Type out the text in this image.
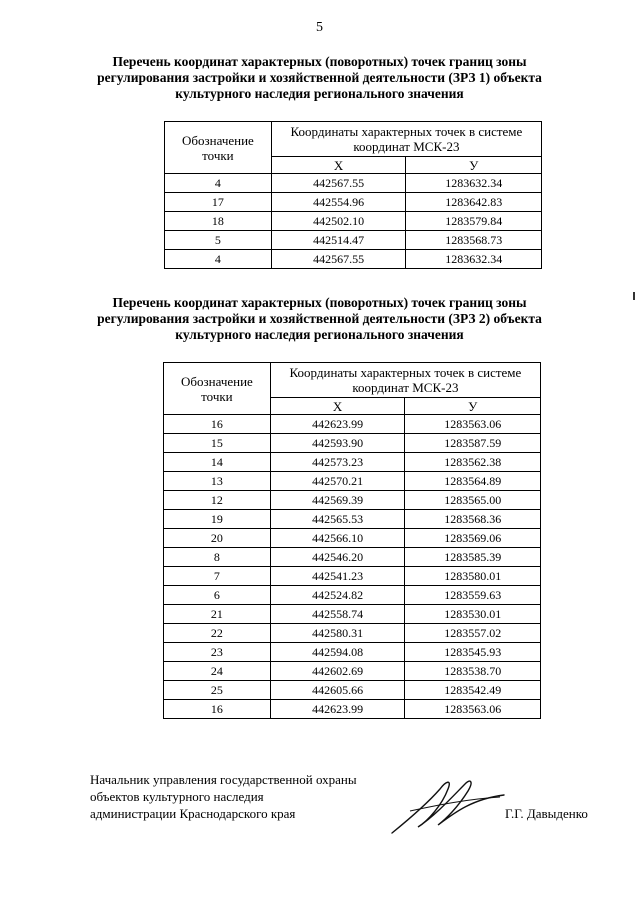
5
Перечень координат характерных (поворотных) точек границ зоны
регулирования застройки и хозяйственной деятельности (ЗРЗ 1) объекта
культурного наследия регионального значения
Обозначение точки	Координаты характерных точек в системе координат МСК-23	
	X	У
4	442567.55	1283632.34
17	442554.96	1283642.83
18	442502.10	1283579.84
5	442514.47	1283568.73
4	442567.55	1283632.34
Перечень координат характерных (поворотных) точек границ зоны
регулирования застройки и хозяйственной деятельности (ЗРЗ 2) объекта
культурного наследия регионального значения
Обозначение точки	Координаты характерных точек в системе координат МСК-23	
	X	У
16	442623.99	1283563.06
15	442593.90	1283587.59
14	442573.23	1283562.38
13	442570.21	1283564.89
12	442569.39	1283565.00
19	442565.53	1283568.36
20	442566.10	1283569.06
8	442546.20	1283585.39
7	442541.23	1283580.01
6	442524.82	1283559.63
21	442558.74	1283530.01
22	442580.31	1283557.02
23	442594.08	1283545.93
24	442602.69	1283538.70
25	442605.66	1283542.49
16	442623.99	1283563.06
Начальник управления государственной охраны
объектов культурного наследия
администрации Краснодарского края	Г.Г. Давыденко
